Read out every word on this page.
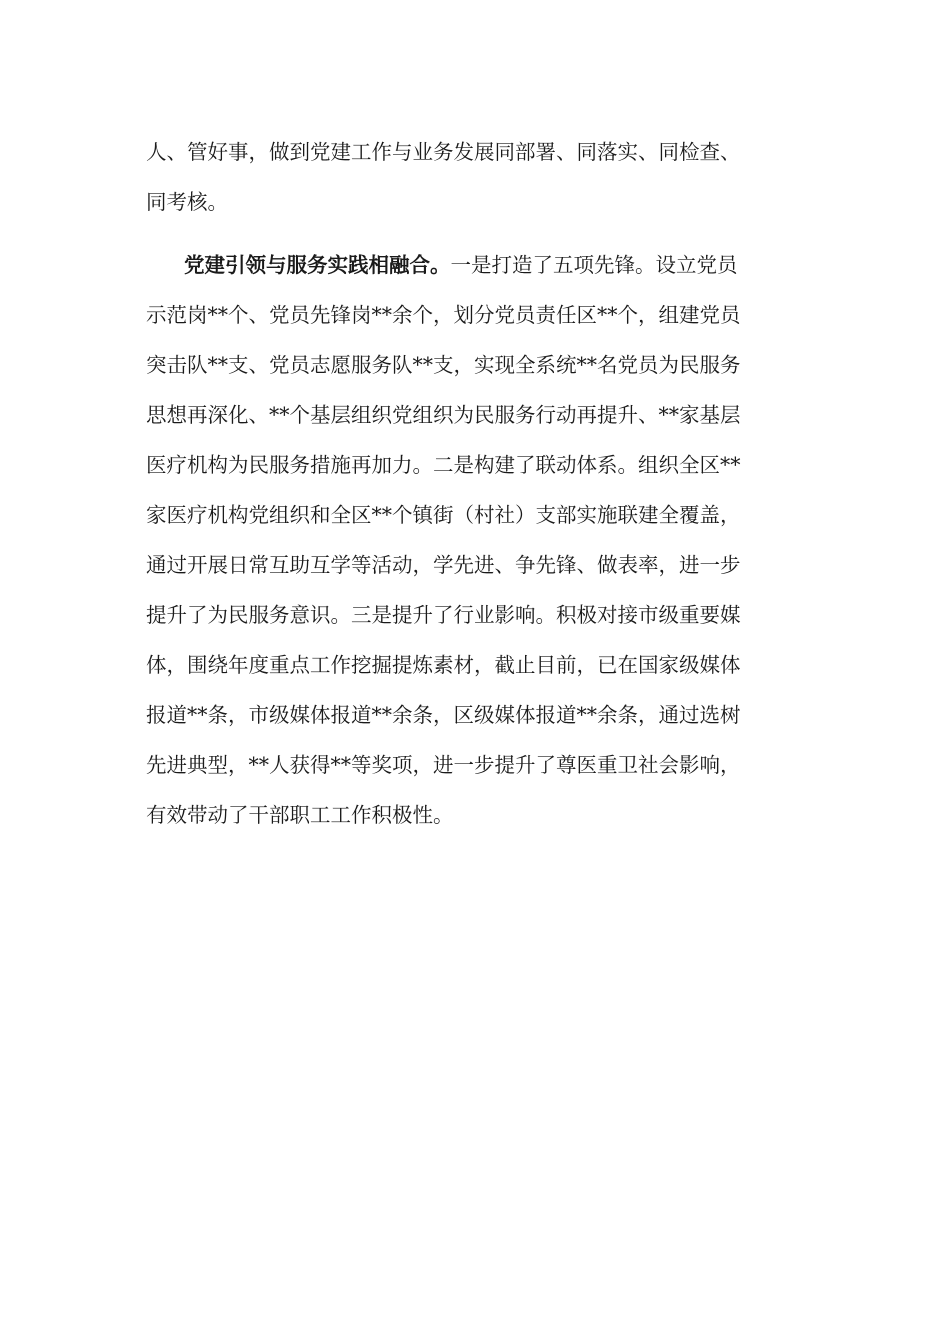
人、管好事，做到党建工作与业务发展同部署、同落实、同检查、
同考核。
党建引领与服务实践相融合。一是打造了五项先锋。设立党员
示范岗**个、党员先锋岗**余个，划分党员责任区**个，组建党员
突击队**支、党员志愿服务队**支，实现全系统**名党员为民服务
思想再深化、**个基层组织党组织为民服务行动再提升、**家基层
医疗机构为民服务措施再加力。二是构建了联动体系。组织全区**
家医疗机构党组织和全区**个镇街（村社）支部实施联建全覆盖，
通过开展日常互助互学等活动，学先进、争先锋、做表率，进一步
提升了为民服务意识。三是提升了行业影响。积极对接市级重要媒
体，围绕年度重点工作挖掘提炼素材，截止目前，已在国家级媒体
报道**条，市级媒体报道**余条，区级媒体报道**余条，通过选树
先进典型，**人获得**等奖项，进一步提升了尊医重卫社会影响，
有效带动了干部职工工作积极性。
